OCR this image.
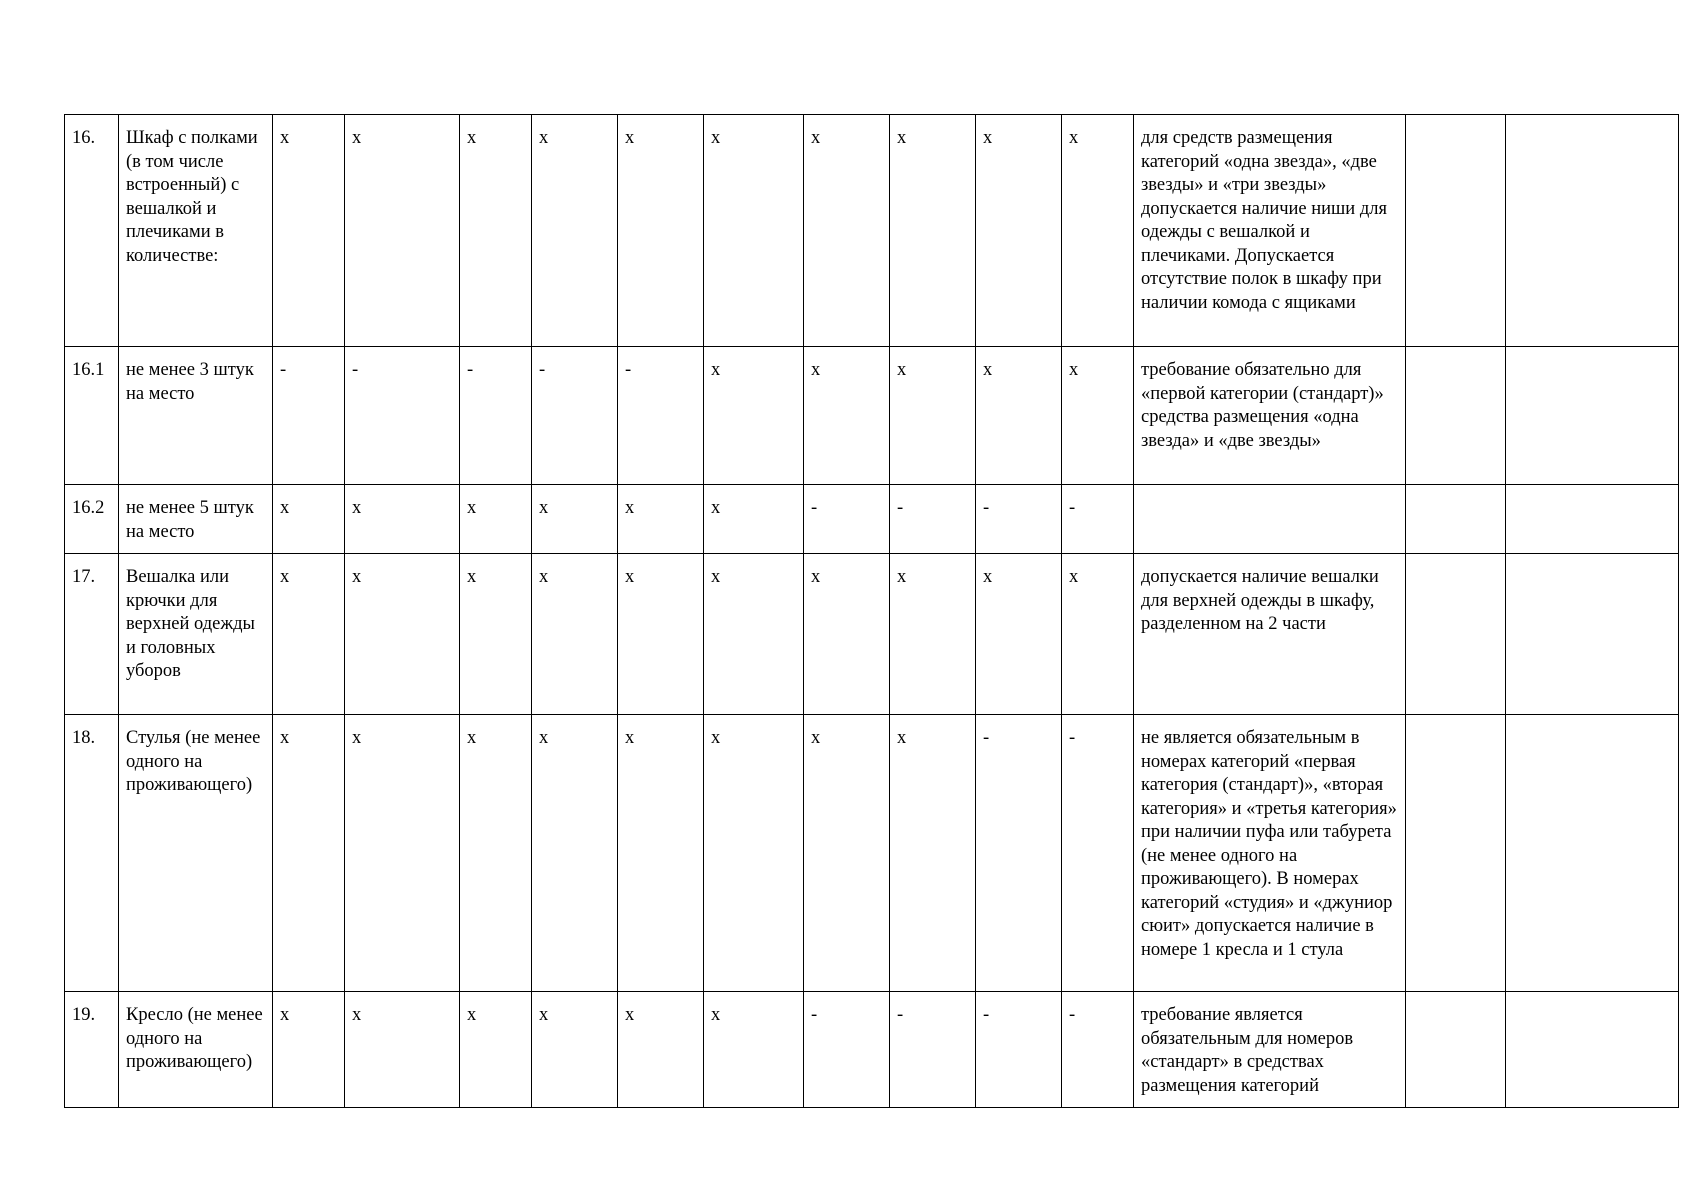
16.	Шкаф с полками (в том числе встроенный) с вешалкой и плечиками в количестве:	x	x	x	x	x	x	x	x	x	x	для средств размещения категорий «одна звезда», «две звезды» и «три звезды» допускается наличие ниши для одежды с вешалкой и плечиками. Допускается отсутствие полок в шкафу при наличии комода с ящиками		
16.1	не менее 3 штук на место	-	-	-	-	-	x	x	x	x	x	требование обязательно для «первой категории (стандарт)» средства размещения «одна звезда» и «две звезды»		
16.2	не менее 5 штук на место	x	x	x	x	x	x	-	-	-	-			
17.	Вешалка или крючки для верхней одежды и головных уборов	x	x	x	x	x	x	x	x	x	x	допускается наличие вешалки для верхней одежды в шкафу, разделенном на 2 части		
18.	Стулья (не менее одного на проживающего)	x	x	x	x	x	x	x	x	-	-	не является обязательным в номерах категорий «первая категория (стандарт)», «вторая категория» и «третья категория» при наличии пуфа или табурета (не менее одного на проживающего). В номерах категорий «студия» и «джуниор сюит» допускается наличие в номере 1 кресла и 1 стула		
19.	Кресло (не менее одного на проживающего)	x	x	x	x	x	x	-	-	-	-	требование является обязательным для номеров «стандарт» в средствах размещения категорий		
